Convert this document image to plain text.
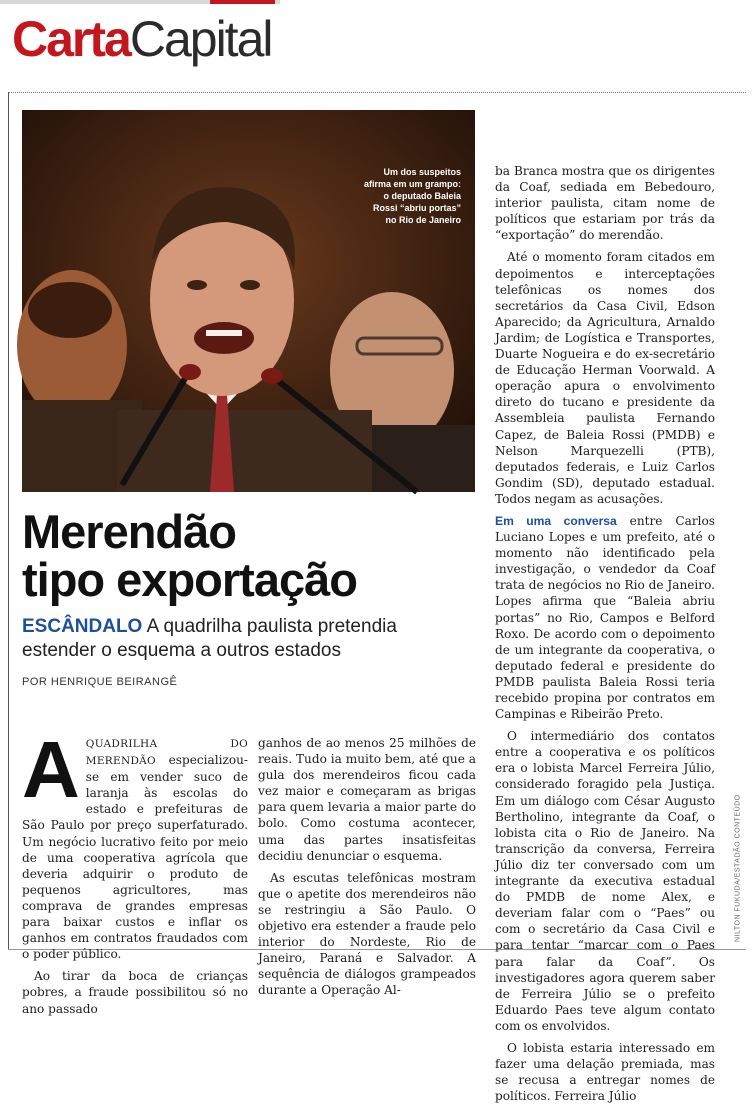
CartaCapital
Um dos suspeitos afirma em um grampo: o deputado Baleia Rossi “abriu portas” no Rio de Janeiro
Merendão
tipo exportação
ESCÂNDALO A quadrilha paulista pretendia estender o esquema a outros estados
POR HENRIQUE BEIRANGÊ

AQUADRILHA DO MERENDÃO especializou-se em vender suco de laranja às escolas do estado e prefeituras de São Paulo por preço superfaturado. Um negócio lucrativo feito por meio de uma cooperativa agrícola que deveria adquirir o produto de pequenos agricultores, mas comprava de grandes empresas para baixar custos e inflar os ganhos em contratos fraudados com o poder público.

Ao tirar da boca de crianças pobres, a fraude possibilitou só no ano passado

ganhos de ao menos 25 milhões de reais. Tudo ia muito bem, até que a gula dos merendeiros ficou cada vez maior e começaram as brigas para quem levaria a maior parte do bolo. Como costuma acontecer, uma das partes insatisfeitas decidiu denunciar o esquema.

As escutas telefônicas mostram que o apetite dos merendeiros não se restringiu a São Paulo. O objetivo era estender a fraude pelo interior do Nordeste, Rio de Janeiro, Paraná e Salvador. A sequência de diálogos grampeados durante a Operação Al-

ba Branca mostra que os dirigentes da Coaf, sediada em Bebedouro, interior paulista, citam nome de políticos que estariam por trás da “exportação” do merendão.

Até o momento foram citados em depoimentos e interceptações telefônicas os nomes dos secretários da Casa Civil, Edson Aparecido; da Agricultura, Arnaldo Jardim; de Logística e Transportes, Duarte Nogueira e do ex-secretário de Educação Herman Voorwald. A operação apura o envolvimento direto do tucano e presidente da Assembleia paulista Fernando Capez, de Baleia Rossi (PMDB) e Nelson Marquezelli (PTB), deputados federais, e Luiz Carlos Gondim (SD), deputado estadual. Todos negam as acusações.

Em uma conversa entre Carlos Luciano Lopes e um prefeito, até o momento não identificado pela investigação, o vendedor da Coaf trata de negócios no Rio de Janeiro. Lopes afirma que “Baleia abriu portas” no Rio, Campos e Belford Roxo. De acordo com o depoimento de um integrante da cooperativa, o deputado federal e presidente do PMDB paulista Baleia Rossi teria recebido propina por contratos em Campinas e Ribeirão Preto.

O intermediário dos contatos entre a cooperativa e os políticos era o lobista Marcel Ferreira Júlio, considerado foragido pela Justiça. Em um diálogo com César Augusto Bertholino, integrante da Coaf, o lobista cita o Rio de Janeiro. Na transcrição da conversa, Ferreira Júlio diz ter conversado com um integrante da executiva estadual do PMDB de nome Alex, e deveriam falar com o “Paes” ou com o secretário da Casa Civil e para tentar “marcar com o Paes para falar da Coaf”. Os investigadores agora querem saber de Ferreira Júlio se o prefeito Eduardo Paes teve algum contato com os envolvidos.

O lobista estaria interessado em fazer uma delação premiada, mas se recusa a entregar nomes de políticos. Ferreira Júlio

NILTON FUKUDA/ESTADÃO CONTEÚDO
